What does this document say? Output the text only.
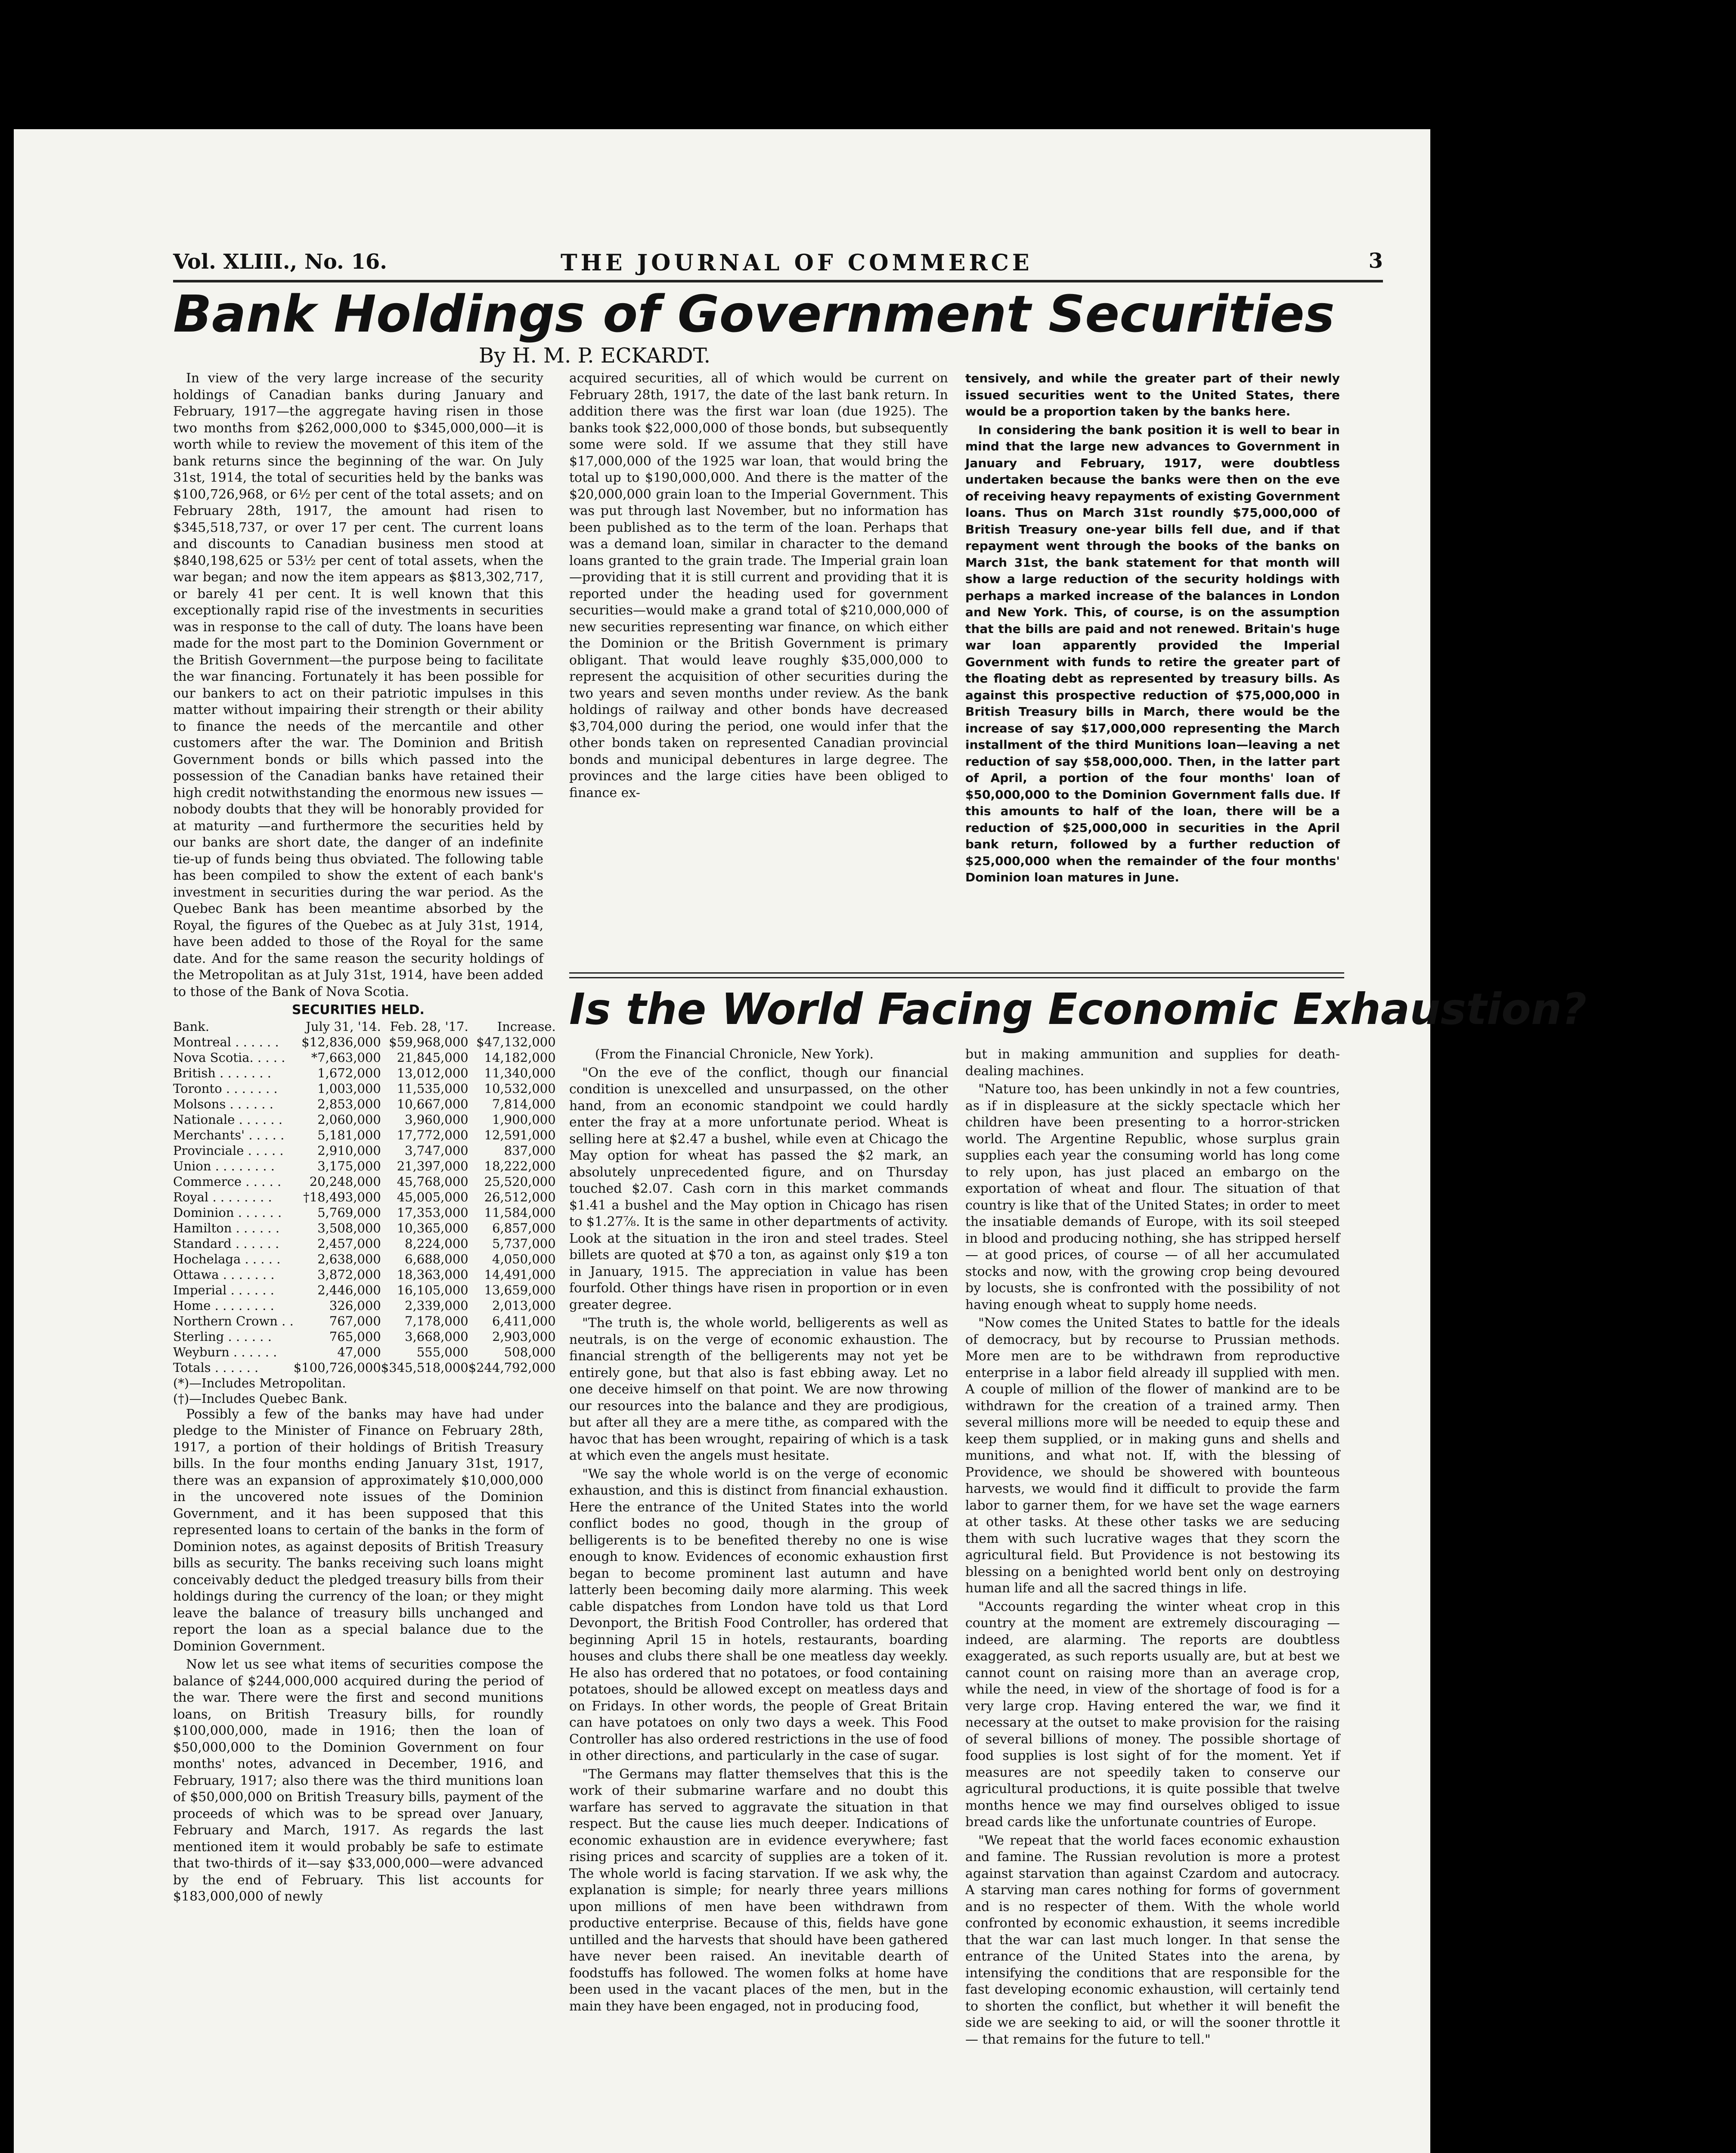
Vol. XLIII., No. 16.	THE JOURNAL OF COMMERCE	3
Bank Holdings of Government Securities
By H. M. P. ECKARDT.

In view of the very large increase of the security holdings of Canadian banks during January and February, 1917—the aggregate having risen in those two months from $262,000,000 to $345,000,000—it is worth while to review the movement of this item of the bank returns since the beginning of the war. On July 31st, 1914, the total of securities held by the banks was $100,726,968, or 6½ per cent of the total assets; and on February 28th, 1917, the amount had risen to $345,518,737, or over 17 per cent. The current loans and discounts to Canadian business men stood at $840,198,625 or 53½ per cent of total assets, when the war began; and now the item appears as $813,302,717, or barely 41 per cent. It is well known that this exceptionally rapid rise of the investments in securities was in response to the call of duty. The loans have been made for the most part to the Dominion Government or the British Government—the purpose being to facilitate the war financing. Fortunately it has been possible for our bankers to act on their patriotic impulses in this matter without impairing their strength or their ability to finance the needs of the mercantile and other customers after the war. The Dominion and British Government bonds or bills which passed into the possession of the Canadian banks have retained their high credit notwithstanding the enormous new issues — nobody doubts that they will be honorably provided for at maturity —and furthermore the securities held by our banks are short date, the danger of an indefinite tie-up of funds being thus obviated. The following table has been compiled to show the extent of each bank's investment in securities during the war period. As the Quebec Bank has been meantime absorbed by the Royal, the figures of the Quebec as at July 31st, 1914, have been added to those of the Royal for the same date. And for the same reason the security holdings of the Metropolitan as at July 31st, 1914, have been added to those of the Bank of Nova Scotia.

SECURITIES HELD.
Bank.	July 31, '14.	Feb. 28, '17.	Increase.
Montreal . . . . . .	$12,836,000	$59,968,000	$47,132,000
Nova Scotia. . . . .	*7,663,000	21,845,000	14,182,000
British . . . . . . .	1,672,000	13,012,000	11,340,000
Toronto . . . . . . .	1,003,000	11,535,000	10,532,000
Molsons . . . . . .	2,853,000	10,667,000	7,814,000
Nationale . . . . . .	2,060,000	3,960,000	1,900,000
Merchants' . . . . .	5,181,000	17,772,000	12,591,000
Provinciale . . . . .	2,910,000	3,747,000	837,000
Union . . . . . . . .	3,175,000	21,397,000	18,222,000
Commerce . . . . .	20,248,000	45,768,000	25,520,000
Royal . . . . . . . .	†18,493,000	45,005,000	26,512,000
Dominion . . . . . .	5,769,000	17,353,000	11,584,000
Hamilton . . . . . .	3,508,000	10,365,000	6,857,000
Standard . . . . . .	2,457,000	8,224,000	5,737,000
Hochelaga . . . . .	2,638,000	6,688,000	4,050,000
Ottawa . . . . . . .	3,872,000	18,363,000	14,491,000
Imperial . . . . . .	2,446,000	16,105,000	13,659,000
Home . . . . . . . .	326,000	2,339,000	2,013,000
Northern Crown . .	767,000	7,178,000	6,411,000
Sterling . . . . . .	765,000	3,668,000	2,903,000
Weyburn . . . . . .	47,000	555,000	508,000
Totals . . . . . .	$100,726,000	$345,518,000	$244,792,000
(*)—Includes Metropolitan.
(†)—Includes Quebec Bank.

Possibly a few of the banks may have had under pledge to the Minister of Finance on February 28th, 1917, a portion of their holdings of British Treasury bills. In the four months ending January 31st, 1917, there was an expansion of approximately $10,000,000 in the uncovered note issues of the Dominion Government, and it has been supposed that this represented loans to certain of the banks in the form of Dominion notes, as against deposits of British Treasury bills as security. The banks receiving such loans might conceivably deduct the pledged treasury bills from their holdings during the currency of the loan; or they might leave the balance of treasury bills unchanged and report the loan as a special balance due to the Dominion Government.

Now let us see what items of securities compose the balance of $244,000,000 acquired during the period of the war. There were the first and second munitions loans, on British Treasury bills, for roundly $100,000,000, made in 1916; then the loan of $50,000,000 to the Dominion Government on four months' notes, advanced in December, 1916, and February, 1917; also there was the third munitions loan of $50,000,000 on British Treasury bills, payment of the proceeds of which was to be spread over January, February and March, 1917. As regards the last mentioned item it would probably be safe to estimate that two-thirds of it—say $33,000,000—were advanced by the end of February. This list accounts for $183,000,000 of newly

acquired securities, all of which would be current on February 28th, 1917, the date of the last bank return. In addition there was the first war loan (due 1925). The banks took $22,000,000 of those bonds, but subsequently some were sold. If we assume that they still have $17,000,000 of the 1925 war loan, that would bring the total up to $190,000,000. And there is the matter of the $20,000,000 grain loan to the Imperial Government. This was put through last November, but no information has been published as to the term of the loan. Perhaps that was a demand loan, similar in character to the demand loans granted to the grain trade. The Imperial grain loan—providing that it is still current and providing that it is reported under the heading used for government securities—would make a grand total of $210,000,000 of new securities representing war finance, on which either the Dominion or the British Government is primary obligant. That would leave roughly $35,000,000 to represent the acquisition of other securities during the two years and seven months under review. As the bank holdings of railway and other bonds have decreased $3,704,000 during the period, one would infer that the other bonds taken on represented Canadian provincial bonds and municipal debentures in large degree. The provinces and the large cities have been obliged to finance ex-

tensively, and while the greater part of their newly issued securities went to the United States, there would be a proportion taken by the banks here.

In considering the bank position it is well to bear in mind that the large new advances to Government in January and February, 1917, were doubtless undertaken because the banks were then on the eve of receiving heavy repayments of existing Government loans. Thus on March 31st roundly $75,000,000 of British Treasury one-year bills fell due, and if that repayment went through the books of the banks on March 31st, the bank statement for that month will show a large reduction of the security holdings with perhaps a marked increase of the balances in London and New York. This, of course, is on the assumption that the bills are paid and not renewed. Britain's huge war loan apparently provided the Imperial Government with funds to retire the greater part of the floating debt as represented by treasury bills. As against this prospective reduction of $75,000,000 in British Treasury bills in March, there would be the increase of say $17,000,000 representing the March installment of the third Munitions loan—leaving a net reduction of say $58,000,000. Then, in the latter part of April, a portion of the four months' loan of $50,000,000 to the Dominion Government falls due. If this amounts to half of the loan, there will be a reduction of $25,000,000 in securities in the April bank return, followed by a further reduction of $25,000,000 when the remainder of the four months' Dominion loan matures in June.

Is the World Facing Economic Exhaustion?

(From the Financial Chronicle, New York).

"On the eve of the conflict, though our financial condition is unexcelled and unsurpassed, on the other hand, from an economic standpoint we could hardly enter the fray at a more unfortunate period. Wheat is selling here at $2.47 a bushel, while even at Chicago the May option for wheat has passed the $2 mark, an absolutely unprecedented figure, and on Thursday touched $2.07. Cash corn in this market commands $1.41 a bushel and the May option in Chicago has risen to $1.27⅞. It is the same in other departments of activity. Look at the situation in the iron and steel trades. Steel billets are quoted at $70 a ton, as against only $19 a ton in January, 1915. The appreciation in value has been fourfold. Other things have risen in proportion or in even greater degree.

"The truth is, the whole world, belligerents as well as neutrals, is on the verge of economic exhaustion. The financial strength of the belligerents may not yet be entirely gone, but that also is fast ebbing away. Let no one deceive himself on that point. We are now throwing our resources into the balance and they are prodigious, but after all they are a mere tithe, as compared with the havoc that has been wrought, repairing of which is a task at which even the angels must hesitate.

"We say the whole world is on the verge of economic exhaustion, and this is distinct from financial exhaustion. Here the entrance of the United States into the world conflict bodes no good, though in the group of belligerents is to be benefited thereby no one is wise enough to know. Evidences of economic exhaustion first began to become prominent last autumn and have latterly been becoming daily more alarming. This week cable dispatches from London have told us that Lord Devonport, the British Food Controller, has ordered that beginning April 15 in hotels, restaurants, boarding houses and clubs there shall be one meatless day weekly. He also has ordered that no potatoes, or food containing potatoes, should be allowed except on meatless days and on Fridays. In other words, the people of Great Britain can have potatoes on only two days a week. This Food Controller has also ordered restrictions in the use of food in other directions, and particularly in the case of sugar.

"The Germans may flatter themselves that this is the work of their submarine warfare and no doubt this warfare has served to aggravate the situation in that respect. But the cause lies much deeper. Indications of economic exhaustion are in evidence everywhere; fast rising prices and scarcity of supplies are a token of it. The whole world is facing starvation. If we ask why, the explanation is simple; for nearly three years millions upon millions of men have been withdrawn from productive enterprise. Because of this, fields have gone untilled and the harvests that should have been gathered have never been raised. An inevitable dearth of foodstuffs has followed. The women folks at home have been used in the vacant places of the men, but in the main they have been engaged, not in producing food,

but in making ammunition and supplies for death-dealing machines.

"Nature too, has been unkindly in not a few countries, as if in displeasure at the sickly spectacle which her children have been presenting to a horror-stricken world. The Argentine Republic, whose surplus grain supplies each year the consuming world has long come to rely upon, has just placed an embargo on the exportation of wheat and flour. The situation of that country is like that of the United States; in order to meet the insatiable demands of Europe, with its soil steeped in blood and producing nothing, she has stripped herself — at good prices, of course — of all her accumulated stocks and now, with the growing crop being devoured by locusts, she is confronted with the possibility of not having enough wheat to supply home needs.

"Now comes the United States to battle for the ideals of democracy, but by recourse to Prussian methods. More men are to be withdrawn from reproductive enterprise in a labor field already ill supplied with men. A couple of million of the flower of mankind are to be withdrawn for the creation of a trained army. Then several millions more will be needed to equip these and keep them supplied, or in making guns and shells and munitions, and what not. If, with the blessing of Providence, we should be showered with bounteous harvests, we would find it difficult to provide the farm labor to garner them, for we have set the wage earners at other tasks. At these other tasks we are seducing them with such lucrative wages that they scorn the agricultural field. But Providence is not bestowing its blessing on a benighted world bent only on destroying human life and all the sacred things in life.

"Accounts regarding the winter wheat crop in this country at the moment are extremely discouraging — indeed, are alarming. The reports are doubtless exaggerated, as such reports usually are, but at best we cannot count on raising more than an average crop, while the need, in view of the shortage of food is for a very large crop. Having entered the war, we find it necessary at the outset to make provision for the raising of several billions of money. The possible shortage of food supplies is lost sight of for the moment. Yet if measures are not speedily taken to conserve our agricultural productions, it is quite possible that twelve months hence we may find ourselves obliged to issue bread cards like the unfortunate countries of Europe.

"We repeat that the world faces economic exhaustion and famine. The Russian revolution is more a protest against starvation than against Czardom and autocracy. A starving man cares nothing for forms of government and is no respecter of them. With the whole world confronted by economic exhaustion, it seems incredible that the war can last much longer. In that sense the entrance of the United States into the arena, by intensifying the conditions that are responsible for the fast developing economic exhaustion, will certainly tend to shorten the conflict, but whether it will benefit the side we are seeking to aid, or will the sooner throttle it — that remains for the future to tell."
